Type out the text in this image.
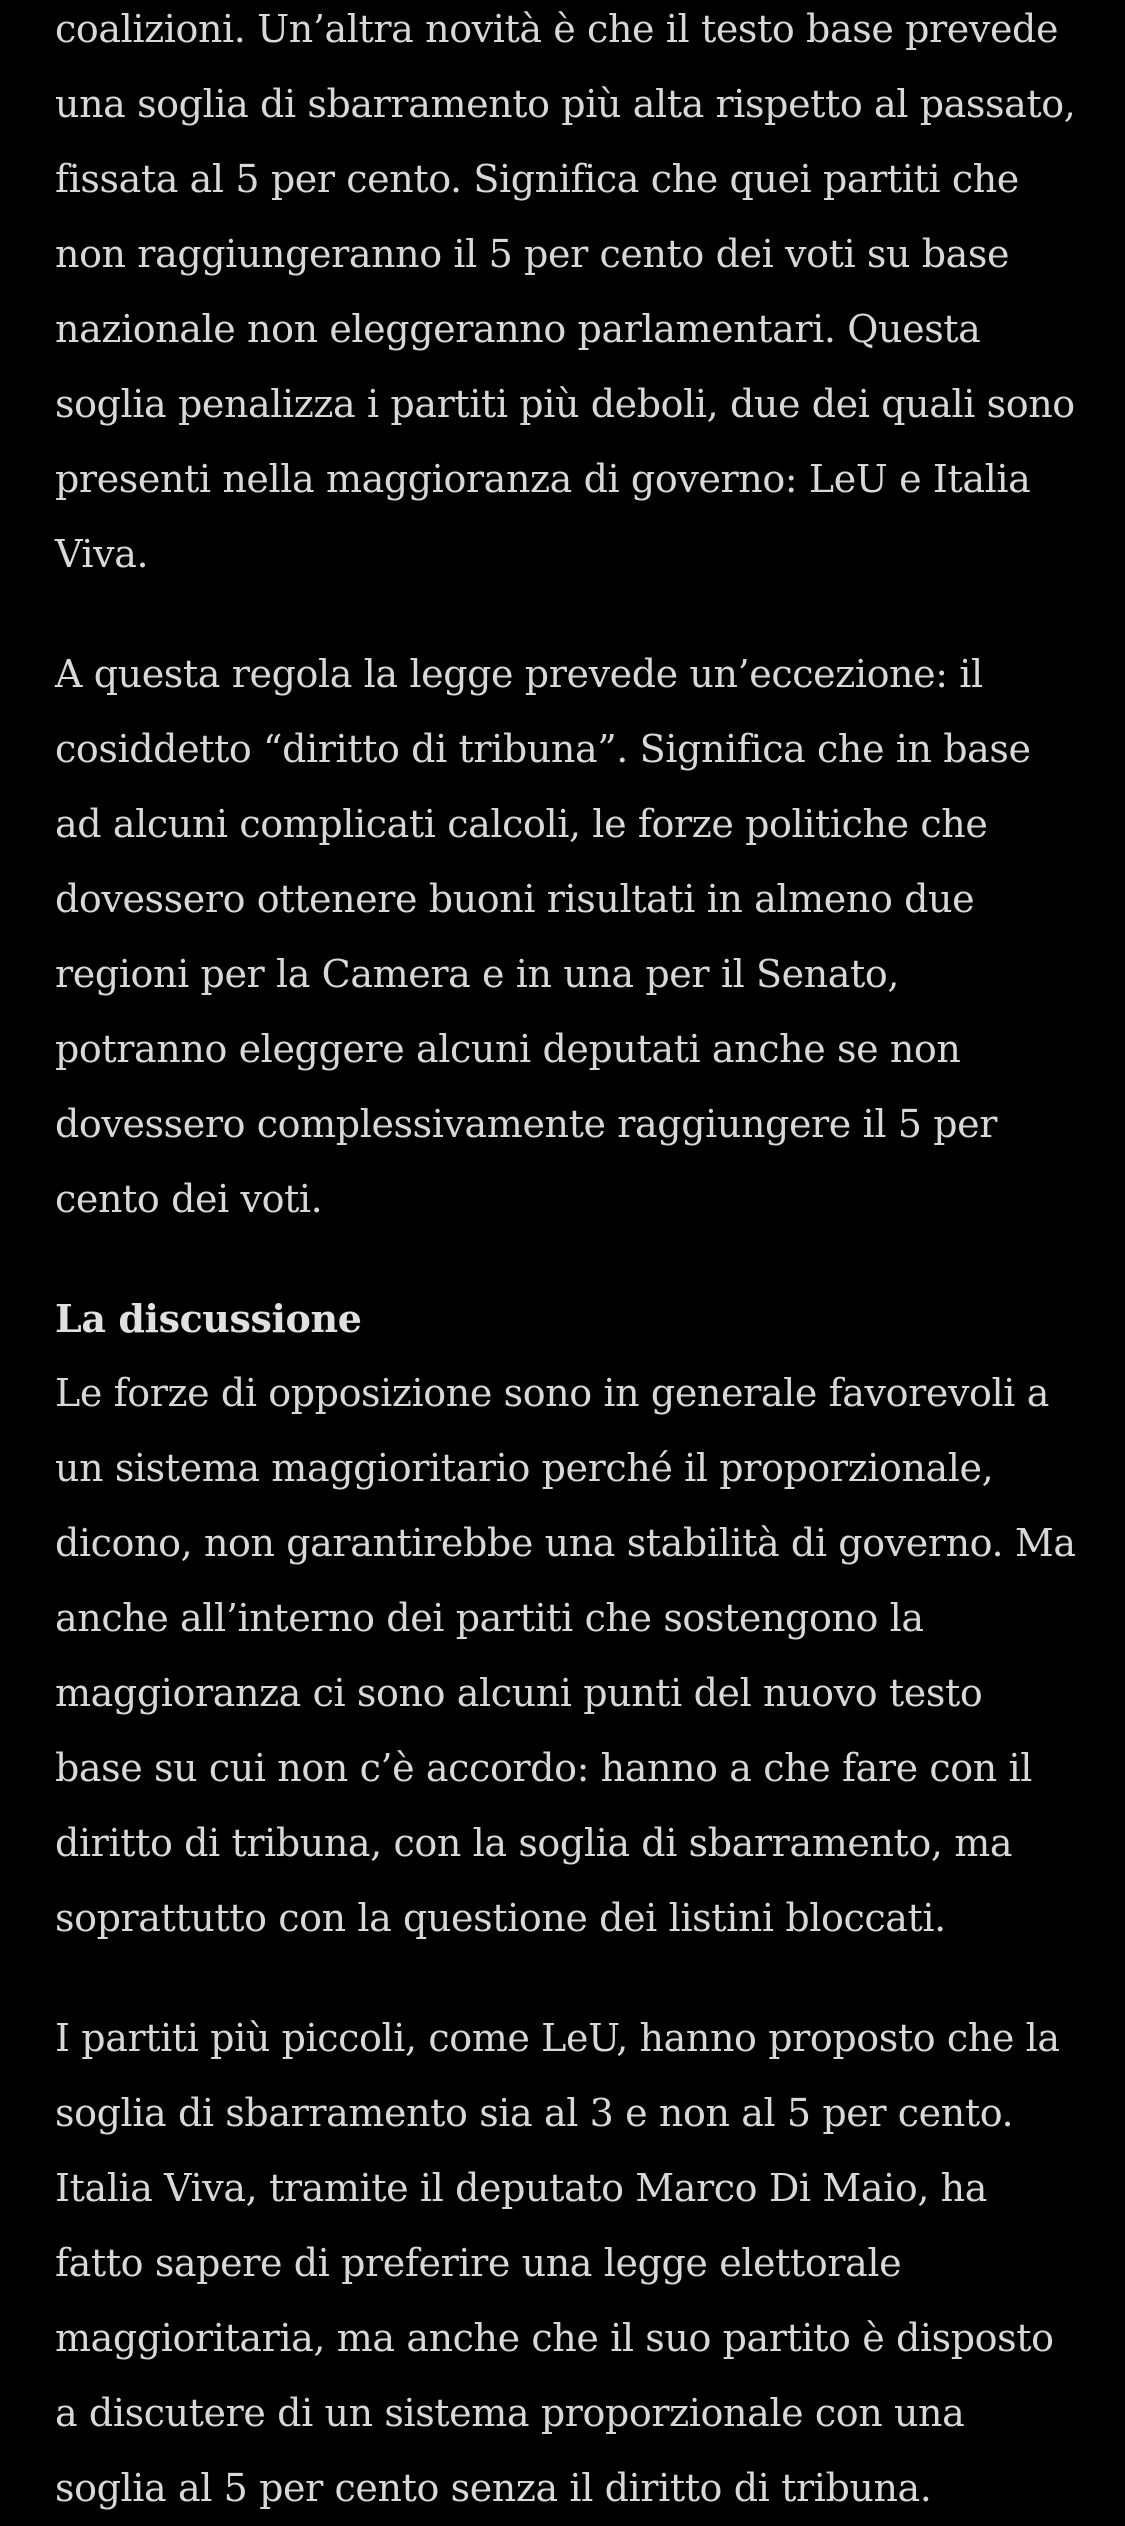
coalizioni. Un’altra novità è che il testo base prevede una soglia di sbarramento più alta rispetto al passato, fissata al 5 per cento. Significa che quei partiti che non raggiungeranno il 5 per cento dei voti su base nazionale non eleggeranno parlamentari. Questa soglia penalizza i partiti più deboli, due dei quali sono presenti nella maggioranza di governo: LeU e Italia Viva.

A questa regola la legge prevede un’eccezione: il cosiddetto “diritto di tribuna”. Significa che in base ad alcuni complicati calcoli, le forze politiche che dovessero ottenere buoni risultati in almeno due regioni per la Camera e in una per il Senato, potranno eleggere alcuni deputati anche se non dovessero complessivamente raggiungere il 5 per cento dei voti.

La discussione

Le forze di opposizione sono in generale favorevoli a un sistema maggioritario perché il proporzionale, dicono, non garantirebbe una stabilità di governo. Ma anche all’interno dei partiti che sostengono la maggioranza ci sono alcuni punti del nuovo testo base su cui non c’è accordo: hanno a che fare con il diritto di tribuna, con la soglia di sbarramento, ma soprattutto con la questione dei listini bloccati.

I partiti più piccoli, come LeU, hanno proposto che la soglia di sbarramento sia al 3 e non al 5 per cento. Italia Viva, tramite il deputato Marco Di Maio, ha fatto sapere di preferire una legge elettorale maggioritaria, ma anche che il suo partito è disposto a discutere di un sistema proporzionale con una soglia al 5 per cento senza il diritto di tribuna.
